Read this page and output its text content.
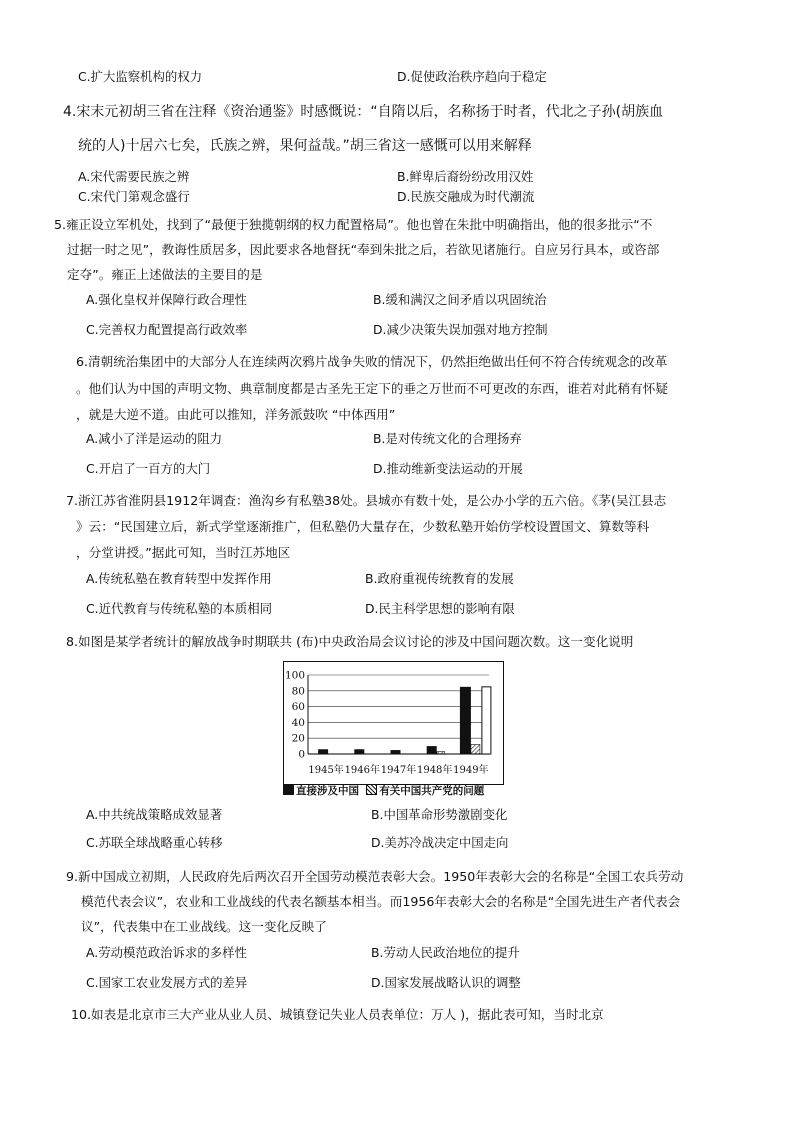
C.扩大监察机构的权力	D.促使政治秩序趋向于稳定
4.宋末元初胡三省在注释《资治通鉴》时感慨说：“自隋以后，名称扬于时者，代北之子孙(胡族血
统的人)十居六七矣，氏族之辨，果何益哉。”胡三省这一感慨可以用来解释
A.宋代需要民族之辨	B.鲜卑后裔纷纷改用汉姓
C.宋代门第观念盛行	D.民族交融成为时代潮流
5.雍正设立军机处，找到了“最便于独揽朝纲的权力配置格局”。他也曾在朱批中明确指出，他的很多批示“不
过据一时之见”，教诲性质居多，因此要求各地督抚“奉到朱批之后，若欲见诸施行。自应另行具本，或咨部
定夺”。雍正上述做法的主要目的是
A.强化皇权并保障行政合理性	B.缓和满汉之间矛盾以巩固统治
C.完善权力配置提高行政效率	D.减少决策失误加强对地方控制
6.清朝统治集团中的大部分人在连续两次鸦片战争失败的情况下，仍然拒绝做出任何不符合传统观念的改革
。他们认为中国的声明文物、典章制度都是古圣先王定下的垂之万世而不可更改的东西，谁若对此稍有怀疑
，就是大逆不道。由此可以推知，洋务派鼓吹 “中体西用”
A.减小了洋是运动的阻力	B.是对传统文化的合理扬弃
C.开启了一百方的大门	D.推动维新变法运动的开展
7.浙江苏省淮阴县1912年调查：渔沟乡有私塾38处。县城亦有数十处，是公办小学的五六倍。《茅(吴江县志
》云：“民国建立后，新式学堂逐渐推广，但私塾仍大量存在，少数私塾开始仿学校设置国文、算数等科
，分堂讲授。”据此可知，当时江苏地区
A.传统私塾在教育转型中发挥作用	B.政府重视传统教育的发展
C.近代教育与传统私塾的本质相同	D.民主科学思想的影响有限
8.如图是某学者统计的解放战争时期联共 (布)中央政治局会议讨论的涉及中国问题次数。这一变化说明
100
80
60
40
20
0
1945年 1946年 1947年 1948年 1949年
直接涉及中国 有关中国共产党的问题
A.中共统战策略成效显著	B.中国革命形势激剧变化
C.苏联全球战略重心转移	D.美苏冷战决定中国走向
9.新中国成立初期，人民政府先后两次召开全国劳动模范表彰大会。1950年表彰大会的名称是“全国工农兵劳动
模范代表会议”，农业和工业战线的代表名额基本相当。而1956年表彰大会的名称是“全国先进生产者代表会
议”，代表集中在工业战线。这一变化反映了
A.劳动模范政治诉求的多样性	B.劳动人民政治地位的提升
C.国家工农业发展方式的差异	D.国家发展战略认识的调整
10.如表是北京市三大产业从业人员、城镇登记失业人员表单位：万人 )，据此表可知，当时北京
